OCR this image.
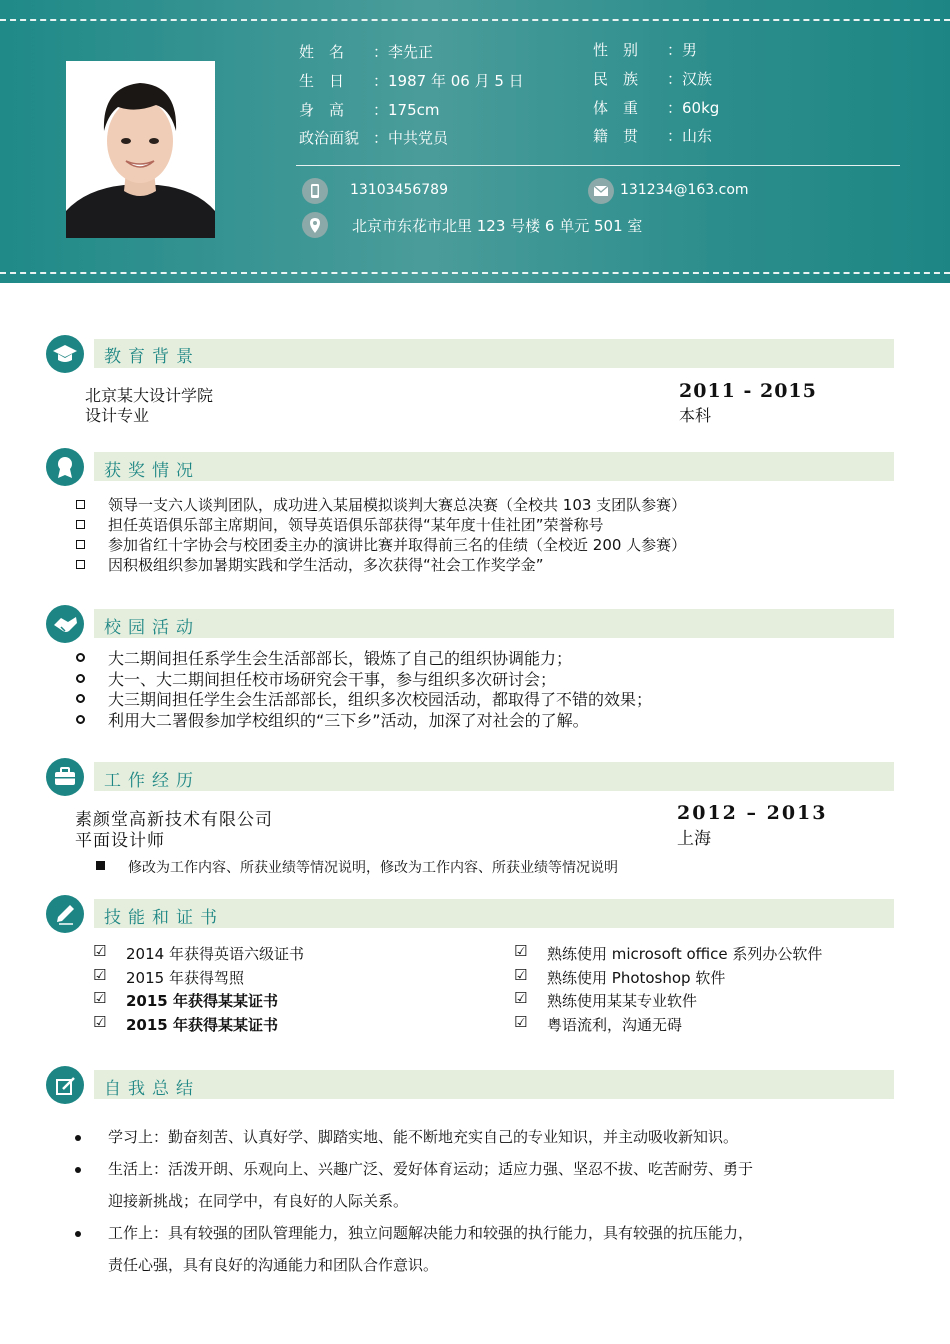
姓　名 ：李先正
生　日 ：1987 年 06 月 5 日
身　高 ：175cm
政治面貌 ：中共党员
性　别 ：男
民　族 ：汉族
体　重 ：60kg
籍　贯 ：山东
13103456789	131234@163.com
北京市东花市北里 123 号楼 6 单元 501 室
教育背景
北京某大设计学院
设计专业
2011 - 2015
本科
获奖情况
领导一支六人谈判团队，成功进入某届模拟谈判大赛总决赛（全校共 103 支团队参赛）
担任英语俱乐部主席期间，领导英语俱乐部获得“某年度十佳社团”荣誉称号
参加省红十字协会与校团委主办的演讲比赛并取得前三名的佳绩（全校近 200 人参赛）
因积极组织参加暑期实践和学生活动，多次获得“社会工作奖学金”
校园活动
大二期间担任系学生会生活部部长，锻炼了自己的组织协调能力；
大一、大二期间担任校市场研究会干事，参与组织多次研讨会；
大三期间担任学生会生活部部长，组织多次校园活动，都取得了不错的效果；
利用大二署假参加学校组织的“三下乡”活动，加深了对社会的了解。
工作经历
素颜堂高新技术有限公司
平面设计师
2012 – 2013
上海
修改为工作内容、所获业绩等情况说明，修改为工作内容、所获业绩等情况说明
技能和证书
☑ 2014 年获得英语六级证书
☑ 2015 年获得驾照
☑ 2015 年获得某某证书
☑ 2015 年获得某某证书
☑ 熟练使用 microsoft office 系列办公软件
☑ 熟练使用 Photoshop 软件
☑ 熟练使用某某专业软件
☑ 粤语流利，沟通无碍
自我总结
学习上：勤奋刻苦、认真好学、脚踏实地、能不断地充实自己的专业知识，并主动吸收新知识。
生活上：活泼开朗、乐观向上、兴趣广泛、爱好体育运动；适应力强、坚忍不拔、吃苦耐劳、勇于
迎接新挑战；在同学中，有良好的人际关系。
工作上：具有较强的团队管理能力，独立问题解决能力和较强的执行能力，具有较强的抗压能力，
责任心强，具有良好的沟通能力和团队合作意识。
